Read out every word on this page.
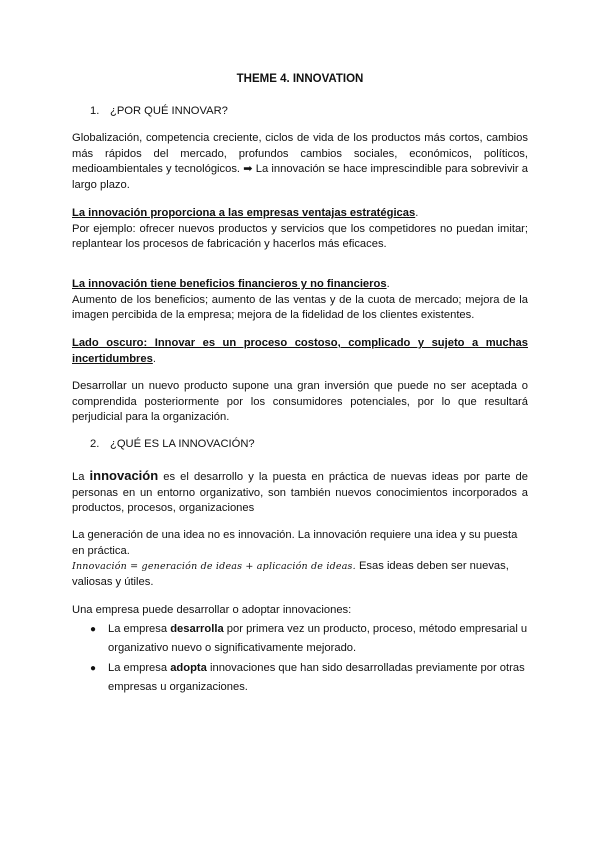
THEME 4. INNOVATION
1. ¿POR QUÉ INNOVAR?
Globalización, competencia creciente, ciclos de vida de los productos más cortos, cambios más rápidos del mercado, profundos cambios sociales, económicos, políticos, medioambientales y tecnológicos. ➡ La innovación se hace imprescindible para sobrevivir a largo plazo.
La innovación proporciona a las empresas ventajas estratégicas.
Por ejemplo: ofrecer nuevos productos y servicios que los competidores no puedan imitar; replantear los procesos de fabricación y hacerlos más eficaces.
La innovación tiene beneficios financieros y no financieros.
Aumento de los beneficios; aumento de las ventas y de la cuota de mercado; mejora de la imagen percibida de la empresa; mejora de la fidelidad de los clientes existentes.
Lado oscuro: Innovar es un proceso costoso, complicado y sujeto a muchas incertidumbres.
Desarrollar un nuevo producto supone una gran inversión que puede no ser aceptada o comprendida posteriormente por los consumidores potenciales, por lo que resultará perjudicial para la organización.
2. ¿QUÉ ES LA INNOVACIÓN?
La innovación es el desarrollo y la puesta en práctica de nuevas ideas por parte de personas en un entorno organizativo, son también nuevos conocimientos incorporados a productos, procesos, organizaciones
La generación de una idea no es innovación. La innovación requiere una idea y su puesta en práctica.
Innovación = generación de ideas + aplicación de ideas. Esas ideas deben ser nuevas, valiosas y útiles.
Una empresa puede desarrollar o adoptar innovaciones:
● La empresa desarrolla por primera vez un producto, proceso, método empresarial u organizativo nuevo o significativamente mejorado.
● La empresa adopta innovaciones que han sido desarrolladas previamente por otras empresas u organizaciones.
